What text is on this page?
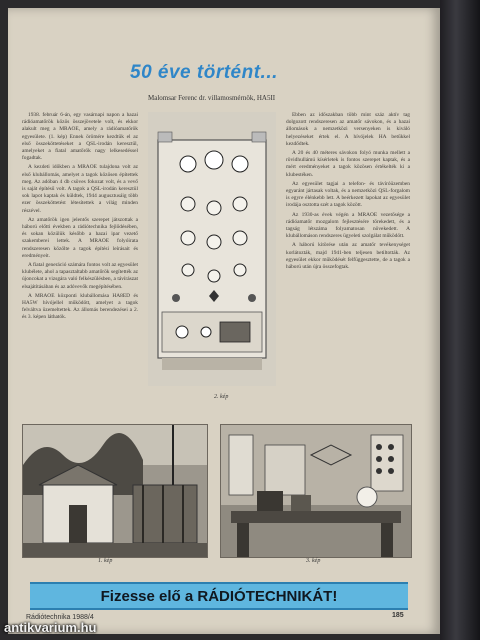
50 éve történt...
Malomsar Ferenc dr. villamosmérnök, HA5II

1938. február 6-án, egy vasárnapi napon a hazai rádióamatőrök közös összejövetele volt, és ekkor alakult meg a MRAOE, amely a rádióamatőrök egyesülete. (1. kép) Ennek örömére kezdtük el az első összeköttetéseket a QSL-irodán keresztül, amelyeket a fiatal amatőrök nagy lelkesedéssel fogadtak.

A kezdeti időkben a MRAOE tulajdona volt az első klubállomás, amelyet a tagok közösen építettek meg. Az adóban 4 db csöves fokozat volt, és a vevő is saját építésű volt. A tagok a QSL-irodán keresztül sok lapot kaptak és küldtek, 1944 augusztusáig több ezer összeköttetést létesítettek a világ minden részével.

Az amatőrök igen jelentős szerepet játszottak a háború előtti években a rádiótechnika fejlődésében, és sokan közülük később a hazai ipar vezető szakemberei lettek. A MRAOE folyóirata rendszeresen közölte a tagok építési leírásait és eredményeit.

A fiatal generáció számára fontos volt az egyesület klubélete, ahol a tapasztaltabb amatőrök segítették az újoncokat a vizsgára való felkészülésben, a távírászat elsajátításában és az adóvevők megépítésében.

A MRAOE központi klubállomása HA8ED és HA5W hívójellel működött, amelyet a tagok felváltva üzemeltettek. Az állomás berendezései a 2. és 3. képen láthatók.

2. kép

Ebben az időszakban több mint száz aktív tag dolgozott rendszeresen az amatőr sávokon, és a hazai állomások a nemzetközi versenyeken is kiváló helyezéseket értek el. A hívójelek HA betűkkel kezdődtek.

A 20 és 40 méteres sávokon folyó munka mellett a rövidhullámú kísérletek is fontos szerepet kaptak, és a mért eredményeket a tagok közösen értékelték ki a klubestéken.

Az egyesület tagjai a telefon- és távíróüzemben egyaránt jártasak voltak, és a nemzetközi QSL-forgalom is egyre élénkebb lett. A beérkezett lapokat az egyesület irodája osztotta szét a tagok között.

Az 1930-as évek végén a MRAOE vezetősége a rádióamatőr mozgalom fejlesztésére törekedett, és a tagság létszáma folyamatosan növekedett. A klubállomáson rendszeres ügyeleti szolgálat működött.

A háború kitörése után az amatőr tevékenységet korlátozták, majd 1941-ben teljesen betiltották. Az egyesület ekkor működését felfüggesztette, de a tagok a háború után újra összefogtak.

1. kép	3. kép
Fizesse elő a RÁDIÓTECHNIKÁT!
Rádiótechnika 1988/4	185
antikvarium.hu
